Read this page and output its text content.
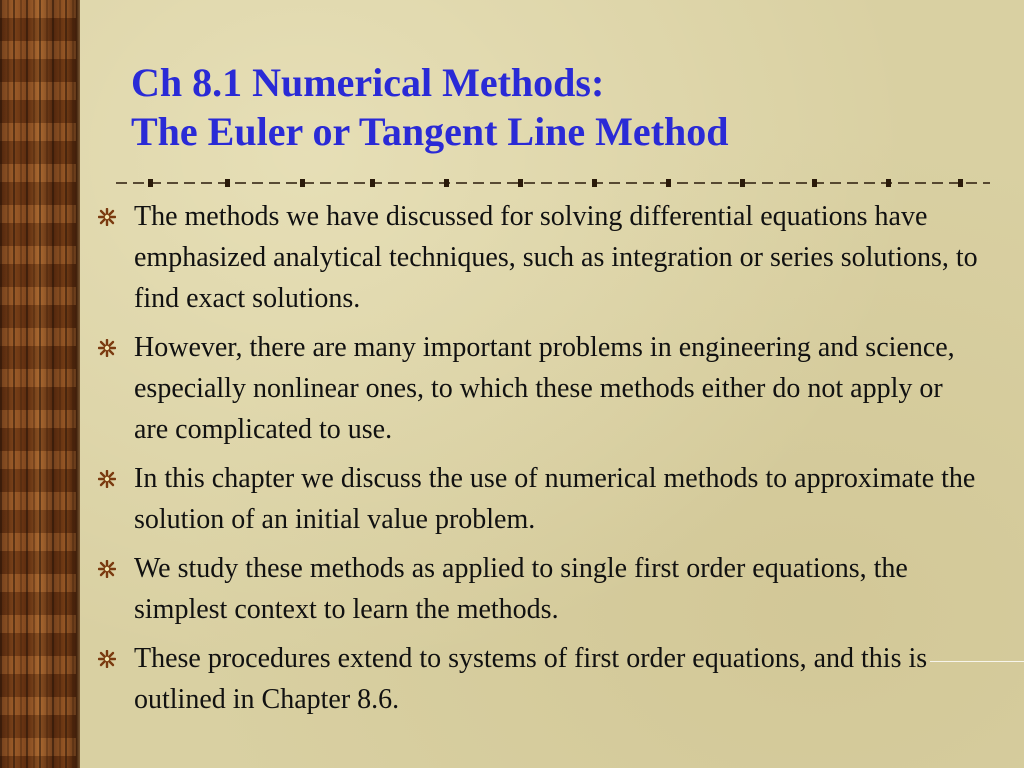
Ch 8.1 Numerical Methods:
The Euler or Tangent Line Method
The methods we have discussed for solving differential equations have emphasized analytical techniques, such as integration or series solutions, to find exact solutions.
However, there are many important problems in engineering and science, especially nonlinear ones, to which these methods either do not apply or are complicated to use.
In this chapter we discuss the use of numerical methods to approximate the solution of an initial value problem.
We study these methods as applied to single first order equations, the simplest context to learn the methods.
These procedures extend to systems of first order equations, and this is outlined in Chapter 8.6.
